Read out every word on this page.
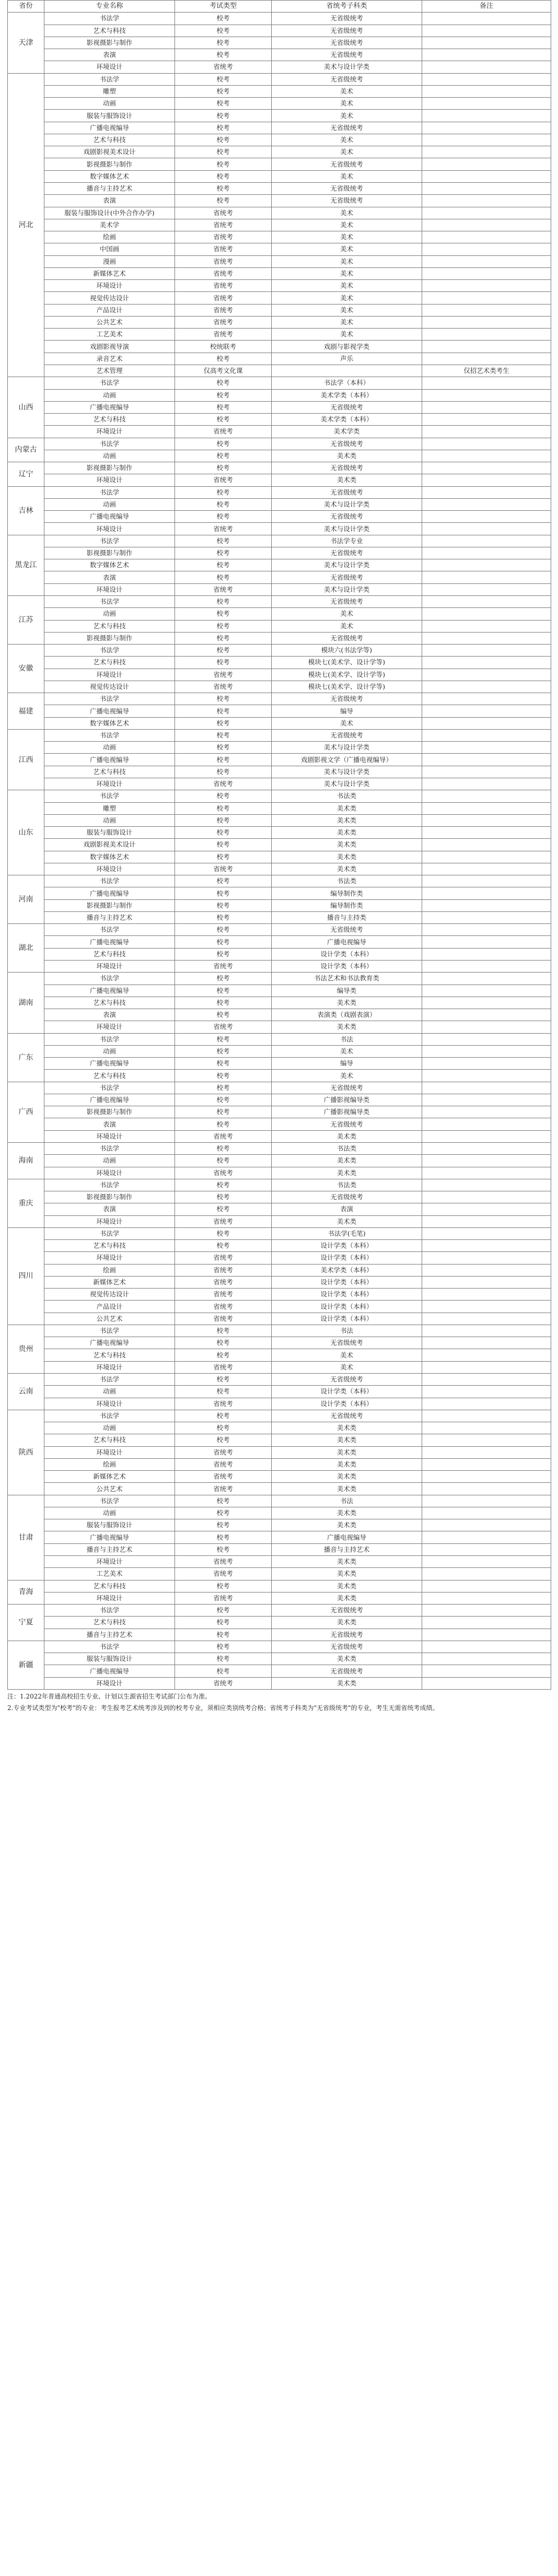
省份	专业名称	考试类型	省统考子科类	备注
天津	书法学	校考	无省级统考	
	艺术与科技	校考	无省级统考	
	影视摄影与制作	校考	无省级统考	
	表演	校考	无省级统考	
	环境设计	省统考	美术与设计学类	
河北	书法学	校考	无省级统考	
	雕塑	校考	美术	
	动画	校考	美术	
	服装与服饰设计	校考	美术	
	广播电视编导	校考	无省级统考	
	艺术与科技	校考	美术	
	戏剧影视美术设计	校考	美术	
	影视摄影与制作	校考	无省级统考	
	数字媒体艺术	校考	美术	
	播音与主持艺术	校考	无省级统考	
	表演	校考	无省级统考	
	服装与服饰设计(中外合作办学)	省统考	美术	
	美术学	省统考	美术	
	绘画	省统考	美术	
	中国画	省统考	美术	
	漫画	省统考	美术	
	新媒体艺术	省统考	美术	
	环境设计	省统考	美术	
	视觉传达设计	省统考	美术	
	产品设计	省统考	美术	
	公共艺术	省统考	美术	
	工艺美术	省统考	美术	
	戏剧影视导演	校统联考	戏剧与影视学类	
	录音艺术	校考	声乐	
	艺术管理	仅高考文化课		仅招艺术类考生
山西	书法学	校考	书法学（本科）	
	动画	校考	美术学类（本科）	
	广播电视编导	校考	无省级统考	
	艺术与科技	校考	美术学类（本科）	
	环境设计	省统考	美术学类	
内蒙古	书法学	校考	无省级统考	
	动画	校考	美术类	
辽宁	影视摄影与制作	校考	无省级统考	
	环境设计	省统考	美术类	
吉林	书法学	校考	无省级统考	
	动画	校考	美术与设计学类	
	广播电视编导	校考	无省级统考	
	环境设计	省统考	美术与设计学类	
黑龙江	书法学	校考	书法学专业	
	影视摄影与制作	校考	无省级统考	
	数字媒体艺术	校考	美术与设计学类	
	表演	校考	无省级统考	
	环境设计	省统考	美术与设计学类	
江苏	书法学	校考	无省级统考	
	动画	校考	美术	
	艺术与科技	校考	美术	
	影视摄影与制作	校考	无省级统考	
安徽	书法学	校考	模块六(书法学等)	
	艺术与科技	校考	模块七(美术学、设计学等)	
	环境设计	省统考	模块七(美术学、设计学等)	
	视觉传达设计	省统考	模块七(美术学、设计学等)	
福建	书法学	校考	无省级统考	
	广播电视编导	校考	编导	
	数字媒体艺术	校考	美术	
江西	书法学	校考	无省级统考	
	动画	校考	美术与设计学类	
	广播电视编导	校考	戏剧影视文学（广播电视编导）	
	艺术与科技	校考	美术与设计学类	
	环境设计	省统考	美术与设计学类	
山东	书法学	校考	书法类	
	雕塑	校考	美术类	
	动画	校考	美术类	
	服装与服饰设计	校考	美术类	
	戏剧影视美术设计	校考	美术类	
	数字媒体艺术	校考	美术类	
	环境设计	省统考	美术类	
河南	书法学	校考	书法类	
	广播电视编导	校考	编导制作类	
	影视摄影与制作	校考	编导制作类	
	播音与主持艺术	校考	播音与主持类	
湖北	书法学	校考	无省级统考	
	广播电视编导	校考	广播电视编导	
	艺术与科技	校考	设计学类（本科）	
	环境设计	省统考	设计学类（本科）	
湖南	书法学	校考	书法艺术和书法教育类	
	广播电视编导	校考	编导类	
	艺术与科技	校考	美术类	
	表演	校考	表演类（戏剧表演）	
	环境设计	省统考	美术类	
广东	书法学	校考	书法	
	动画	校考	美术	
	广播电视编导	校考	编导	
	艺术与科技	校考	美术	
广西	书法学	校考	无省级统考	
	广播电视编导	校考	广播影视编导类	
	影视摄影与制作	校考	广播影视编导类	
	表演	校考	无省级统考	
	环境设计	省统考	美术类	
海南	书法学	校考	书法类	
	动画	校考	美术类	
	环境设计	省统考	美术类	
重庆	书法学	校考	书法类	
	影视摄影与制作	校考	无省级统考	
	表演	校考	表演	
	环境设计	省统考	美术类	
四川	书法学	校考	书法学(毛笔)	
	艺术与科技	校考	设计学类（本科）	
	环境设计	省统考	设计学类（本科）	
	绘画	省统考	美术学类（本科）	
	新媒体艺术	省统考	设计学类（本科）	
	视觉传达设计	省统考	设计学类（本科）	
	产品设计	省统考	设计学类（本科）	
	公共艺术	省统考	设计学类（本科）	
贵州	书法学	校考	书法	
	广播电视编导	校考	无省级统考	
	艺术与科技	校考	美术	
	环境设计	省统考	美术	
云南	书法学	校考	无省级统考	
	动画	校考	设计学类（本科）	
	环境设计	省统考	设计学类（本科）	
陕西	书法学	校考	无省级统考	
	动画	校考	美术类	
	艺术与科技	校考	美术类	
	环境设计	省统考	美术类	
	绘画	省统考	美术类	
	新媒体艺术	省统考	美术类	
	公共艺术	省统考	美术类	
甘肃	书法学	校考	书法	
	动画	校考	美术类	
	服装与服饰设计	校考	美术类	
	广播电视编导	校考	广播电视编导	
	播音与主持艺术	校考	播音与主持艺术	
	环境设计	省统考	美术类	
	工艺美术	省统考	美术类	
青海	艺术与科技	校考	美术类	
	环境设计	省统考	美术类	
宁夏	书法学	校考	无省级统考	
	艺术与科技	校考	美术类	
	播音与主持艺术	校考	无省级统考	
新疆	书法学	校考	无省级统考	
	服装与服饰设计	校考	美术类	
	广播电视编导	校考	无省级统考	
	环境设计	省统考	美术类	
注：1.2022年普通高校招生专业、计划以生源省招生考试部门公布为准。
2.专业考试类型为"校考"的专业：考生报考艺术统考涉及到的校考专业，须相应类别统考合格；省统考子科类为"无省级统考"的专业，考生无需省统考成绩。
